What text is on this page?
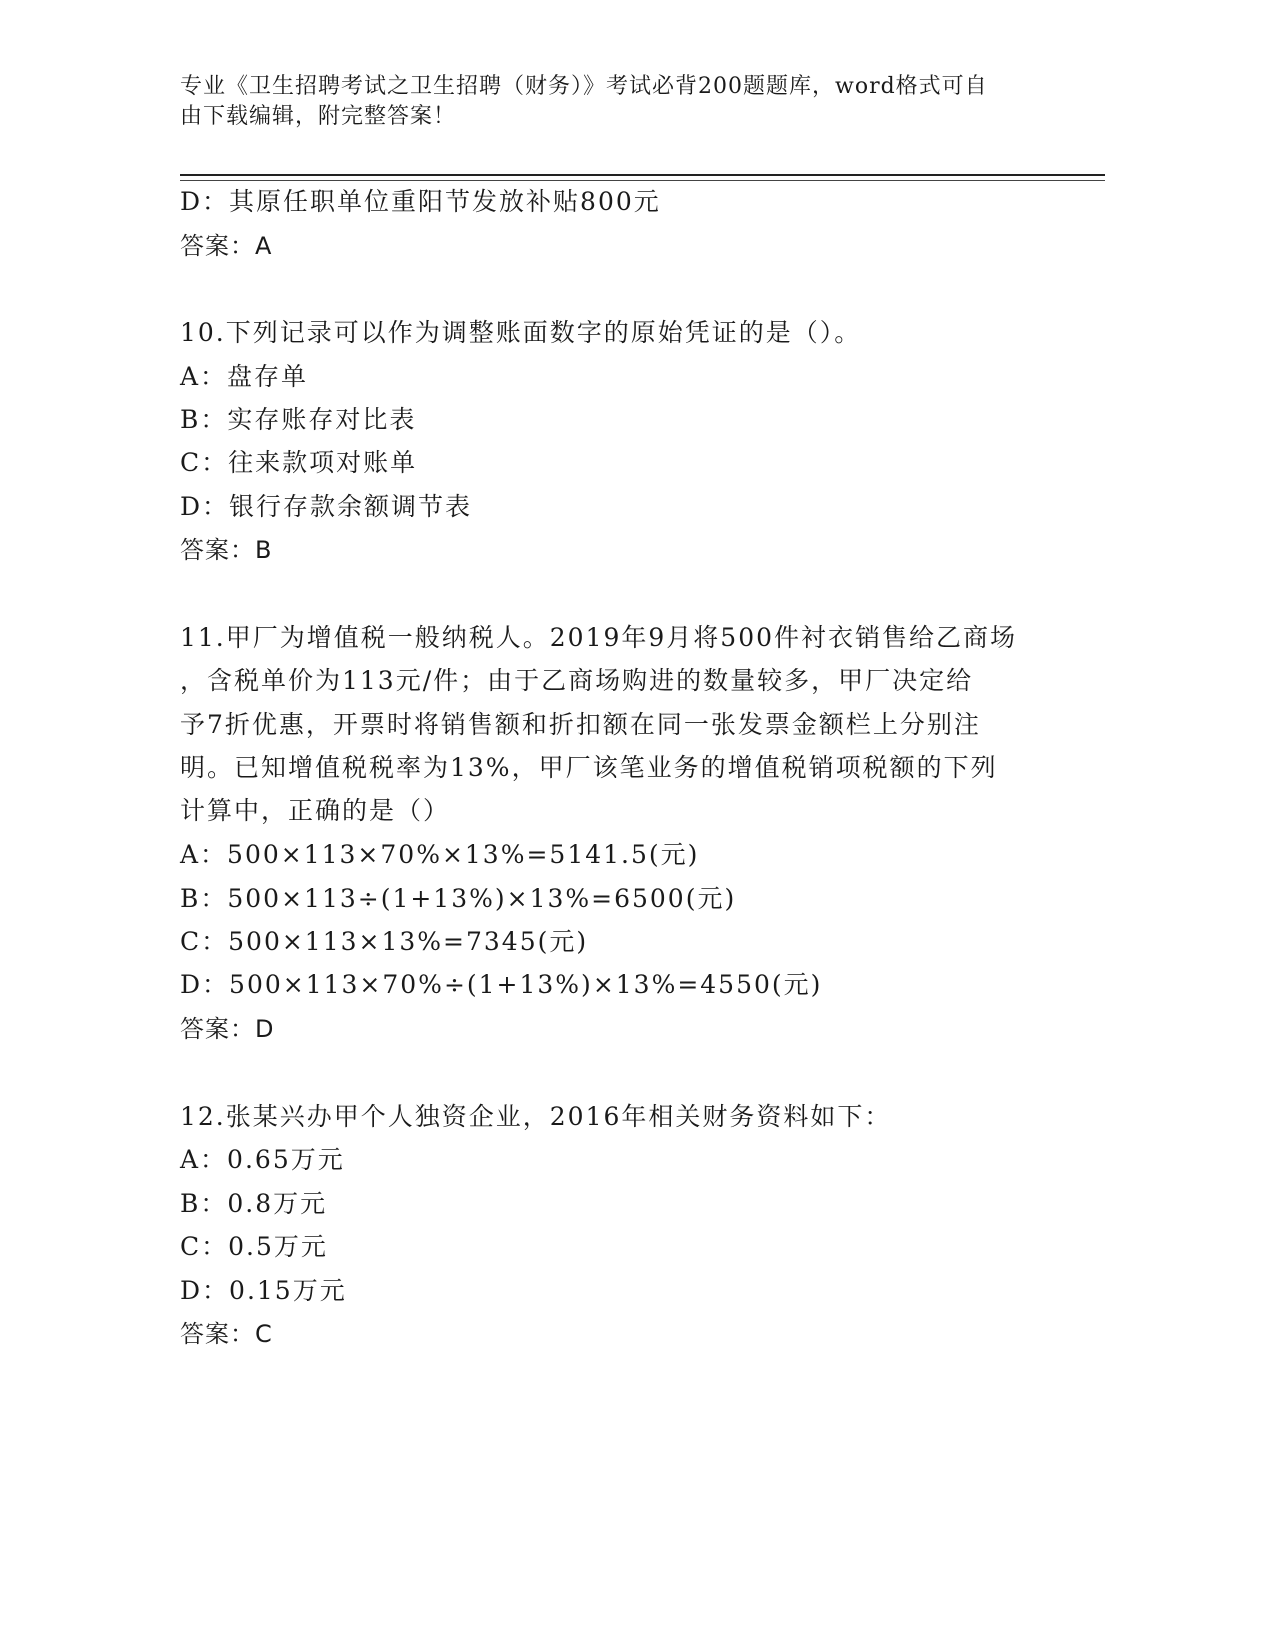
专业《卫生招聘考试之卫生招聘（财务）》考试必背200题题库，word格式可自
由下载编辑，附完整答案！
D：其原任职单位重阳节发放补贴800元
答案：A
10.下列记录可以作为调整账面数字的原始凭证的是（）。
A：盘存单
B：实存账存对比表
C：往来款项对账单
D：银行存款余额调节表
答案：B
11.甲厂为增值税一般纳税人。2019年9月将500件衬衣销售给乙商场
，含税单价为113元/件；由于乙商场购进的数量较多，甲厂决定给
予7折优惠，开票时将销售额和折扣额在同一张发票金额栏上分别注
明。已知增值税税率为13%，甲厂该笔业务的增值税销项税额的下列
计算中，正确的是（）
A：500×113×70%×13%=5141.5(元)
B：500×113÷(1+13%)×13%=6500(元)
C：500×113×13%=7345(元)
D：500×113×70%÷(1+13%)×13%=4550(元)
答案：D
12.张某兴办甲个人独资企业，2016年相关财务资料如下：
A：0.65万元
B：0.8万元
C：0.5万元
D：0.15万元
答案：C
